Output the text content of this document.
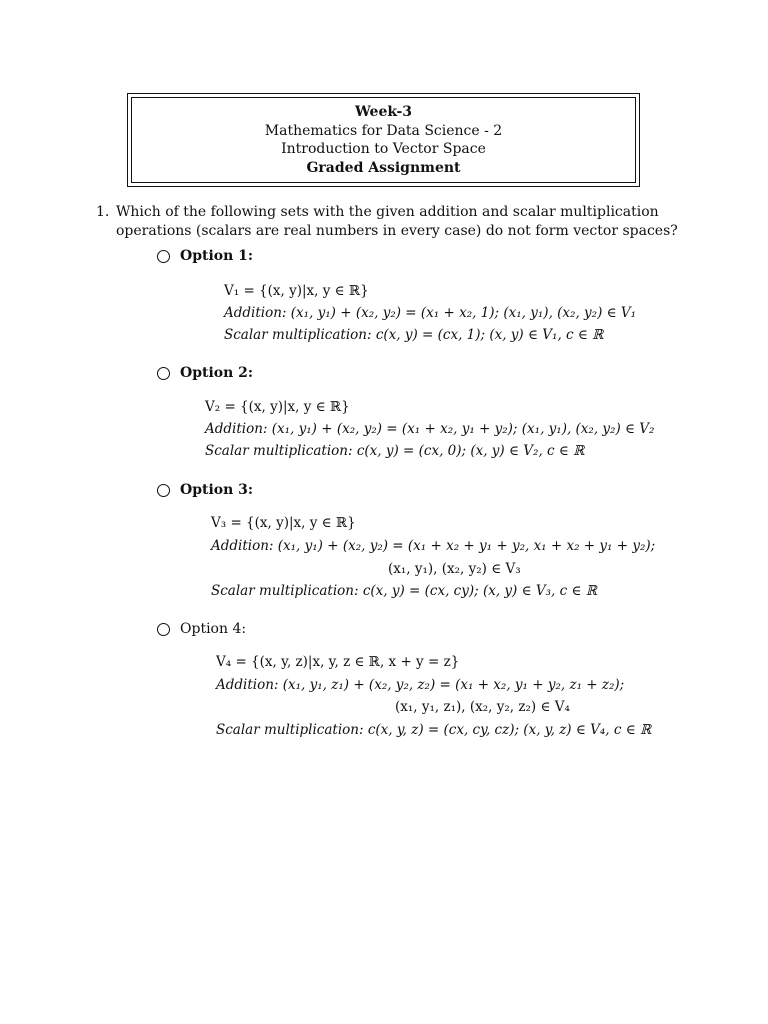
Week-3
Mathematics for Data Science - 2
Introduction to Vector Space
Graded Assignment
1. Which of the following sets with the given addition and scalar multiplication operations (scalars are real numbers in every case) do not form vector spaces?
Option 1:
V₁ = {(x, y)|x, y ∈ ℝ}
Addition: (x₁, y₁) + (x₂, y₂) = (x₁ + x₂, 1); (x₁, y₁), (x₂, y₂) ∈ V₁
Scalar multiplication: c(x, y) = (cx, 1); (x, y) ∈ V₁, c ∈ ℝ
Option 2:
V₂ = {(x, y)|x, y ∈ ℝ}
Addition: (x₁, y₁) + (x₂, y₂) = (x₁ + x₂, y₁ + y₂); (x₁, y₁), (x₂, y₂) ∈ V₂
Scalar multiplication: c(x, y) = (cx, 0); (x, y) ∈ V₂, c ∈ ℝ
Option 3:
V₃ = {(x, y)|x, y ∈ ℝ}
Addition: (x₁, y₁) + (x₂, y₂) = (x₁ + x₂ + y₁ + y₂, x₁ + x₂ + y₁ + y₂);
(x₁, y₁), (x₂, y₂) ∈ V₃
Scalar multiplication: c(x, y) = (cx, cy); (x, y) ∈ V₃, c ∈ ℝ
Option 4:
V₄ = {(x, y, z)|x, y, z ∈ ℝ, x + y = z}
Addition: (x₁, y₁, z₁) + (x₂, y₂, z₂) = (x₁ + x₂, y₁ + y₂, z₁ + z₂);
(x₁, y₁, z₁), (x₂, y₂, z₂) ∈ V₄
Scalar multiplication: c(x, y, z) = (cx, cy, cz); (x, y, z) ∈ V₄, c ∈ ℝ
